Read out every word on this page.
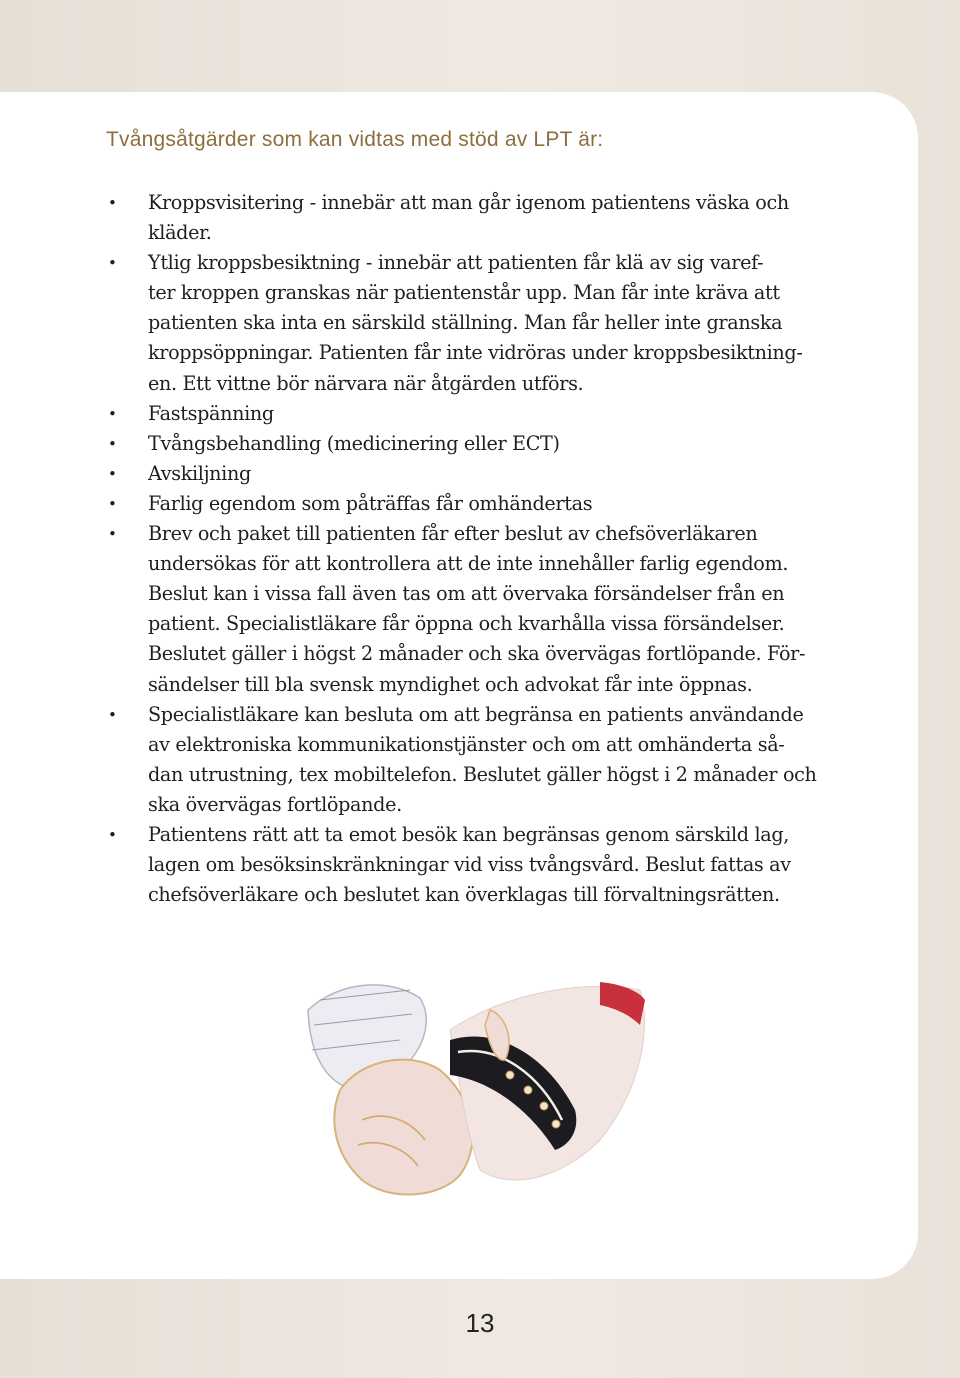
Tvångsåtgärder som kan vidtas med stöd av LPT är:
• Kroppsvisitering - innebär att man går igenom patientens väska och
kläder.
• Ytlig kroppsbesiktning - innebär att patienten får klä av sig varef-
ter kroppen granskas när patientenstår upp. Man får inte kräva att
patienten ska inta en särskild ställning. Man får heller inte granska
kroppsöppningar. Patienten får inte vidröras under kroppsbesiktning-
en. Ett vittne bör närvara när åtgärden utförs.
• Fastspänning
• Tvångsbehandling (medicinering eller ECT)
• Avskiljning
• Farlig egendom som påträffas får omhändertas
• Brev och paket till patienten får efter beslut av chefsöverläkaren
undersökas för att kontrollera att de inte innehåller farlig egendom.
Beslut kan i vissa fall även tas om att övervaka försändelser från en
patient. Specialistläkare får öppna och kvarhålla vissa försändelser.
Beslutet gäller i högst 2 månader och ska övervägas fortlöpande. För-
sändelser till bla svensk myndighet och advokat får inte öppnas.
• Specialistläkare kan besluta om att begränsa en patients användande
av elektroniska kommunikationstjänster och om att omhänderta så-
dan utrustning, tex mobiltelefon. Beslutet gäller högst i 2 månader och
ska övervägas fortlöpande.
• Patientens rätt att ta emot besök kan begränsas genom särskild lag,
lagen om besöksinskränkningar vid viss tvångsvård. Beslut fattas av
chefsöverläkare och beslutet kan överklagas till förvaltningsrätten.
13
